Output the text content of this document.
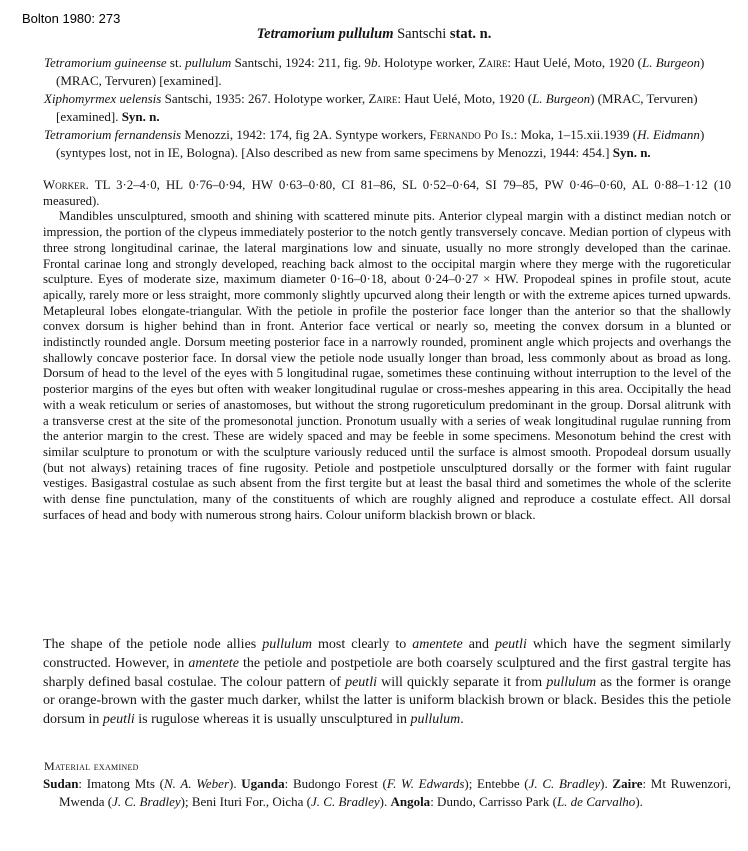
Bolton 1980: 273
Tetramorium pullulum Santschi stat. n.

Tetramorium guineense st. pullulum Santschi, 1924: 211, fig. 9b. Holotype worker, Zaire: Haut Uelé, Moto, 1920 (L. Burgeon) (MRAC, Tervuren) [examined].

Xiphomyrmex uelensis Santschi, 1935: 267. Holotype worker, Zaire: Haut Uelé, Moto, 1920 (L. Burgeon) (MRAC, Tervuren) [examined]. Syn. n.

Tetramorium fernandensis Menozzi, 1942: 174, fig 2A. Syntype workers, Fernando Po Is.: Moka, 1–15.xii.1939 (H. Eidmann) (syntypes lost, not in IE, Bologna). [Also described as new from same specimens by Menozzi, 1944: 454.] Syn. n.

Worker. TL 3·2–4·0, HL 0·76–0·94, HW 0·63–0·80, CI 81–86, SL 0·52–0·64, SI 79–85, PW 0·46–0·60, AL 0·88–1·12 (10 measured).

Mandibles unsculptured, smooth and shining with scattered minute pits. Anterior clypeal margin with a distinct median notch or impression, the portion of the clypeus immediately posterior to the notch gently transversely concave. Median portion of clypeus with three strong longitudinal carinae, the lateral marginations low and sinuate, usually no more strongly developed than the carinae. Frontal carinae long and strongly developed, reaching back almost to the occipital margin where they merge with the rugoreticular sculpture. Eyes of moderate size, maximum diameter 0·16–0·18, about 0·24–0·27 × HW. Propodeal spines in profile stout, acute apically, rarely more or less straight, more commonly slightly upcurved along their length or with the extreme apices turned upwards. Metapleural lobes elongate-triangular. With the petiole in profile the posterior face longer than the anterior so that the shallowly convex dorsum is higher behind than in front. Anterior face vertical or nearly so, meeting the convex dorsum in a blunted or indistinctly rounded angle. Dorsum meeting posterior face in a narrowly rounded, prominent angle which projects and overhangs the shallowly concave posterior face. In dorsal view the petiole node usually longer than broad, less commonly about as broad as long. Dorsum of head to the level of the eyes with 5 longitudinal rugae, sometimes these continuing without interruption to the level of the posterior margins of the eyes but often with weaker longitudinal rugulae or cross-meshes appearing in this area. Occipitally the head with a weak reticulum or series of anastomoses, but without the strong rugoreticulum predominant in the group. Dorsal alitrunk with a transverse crest at the site of the promesonotal junction. Pronotum usually with a series of weak longitudinal rugulae running from the anterior margin to the crest. These are widely spaced and may be feeble in some specimens. Mesonotum behind the crest with similar sculpture to pronotum or with the sculpture variously reduced until the surface is almost smooth. Propodeal dorsum usually (but not always) retaining traces of fine rugosity. Petiole and postpetiole unsculptured dorsally or the former with faint rugular vestiges. Basigastral costulae as such absent from the first tergite but at least the basal third and sometimes the whole of the sclerite with dense fine punctulation, many of the constituents of which are roughly aligned and reproduce a costulate effect. All dorsal surfaces of head and body with numerous strong hairs. Colour uniform blackish brown or black.

The shape of the petiole node allies pullulum most clearly to amentete and peutli which have the segment similarly constructed. However, in amentete the petiole and postpetiole are both coarsely sculptured and the first gastral tergite has sharply defined basal costulae. The colour pattern of peutli will quickly separate it from pullulum as the former is orange or orange-brown with the gaster much darker, whilst the latter is uniform blackish brown or black. Besides this the petiole dorsum in peutli is rugulose whereas it is usually unsculptured in pullulum.

Material examined

Sudan: Imatong Mts (N. A. Weber). Uganda: Budongo Forest (F. W. Edwards); Entebbe (J. C. Bradley). Zaire: Mt Ruwenzori, Mwenda (J. C. Bradley); Beni Ituri For., Oicha (J. C. Bradley). Angola: Dundo, Carrisso Park (L. de Carvalho).
